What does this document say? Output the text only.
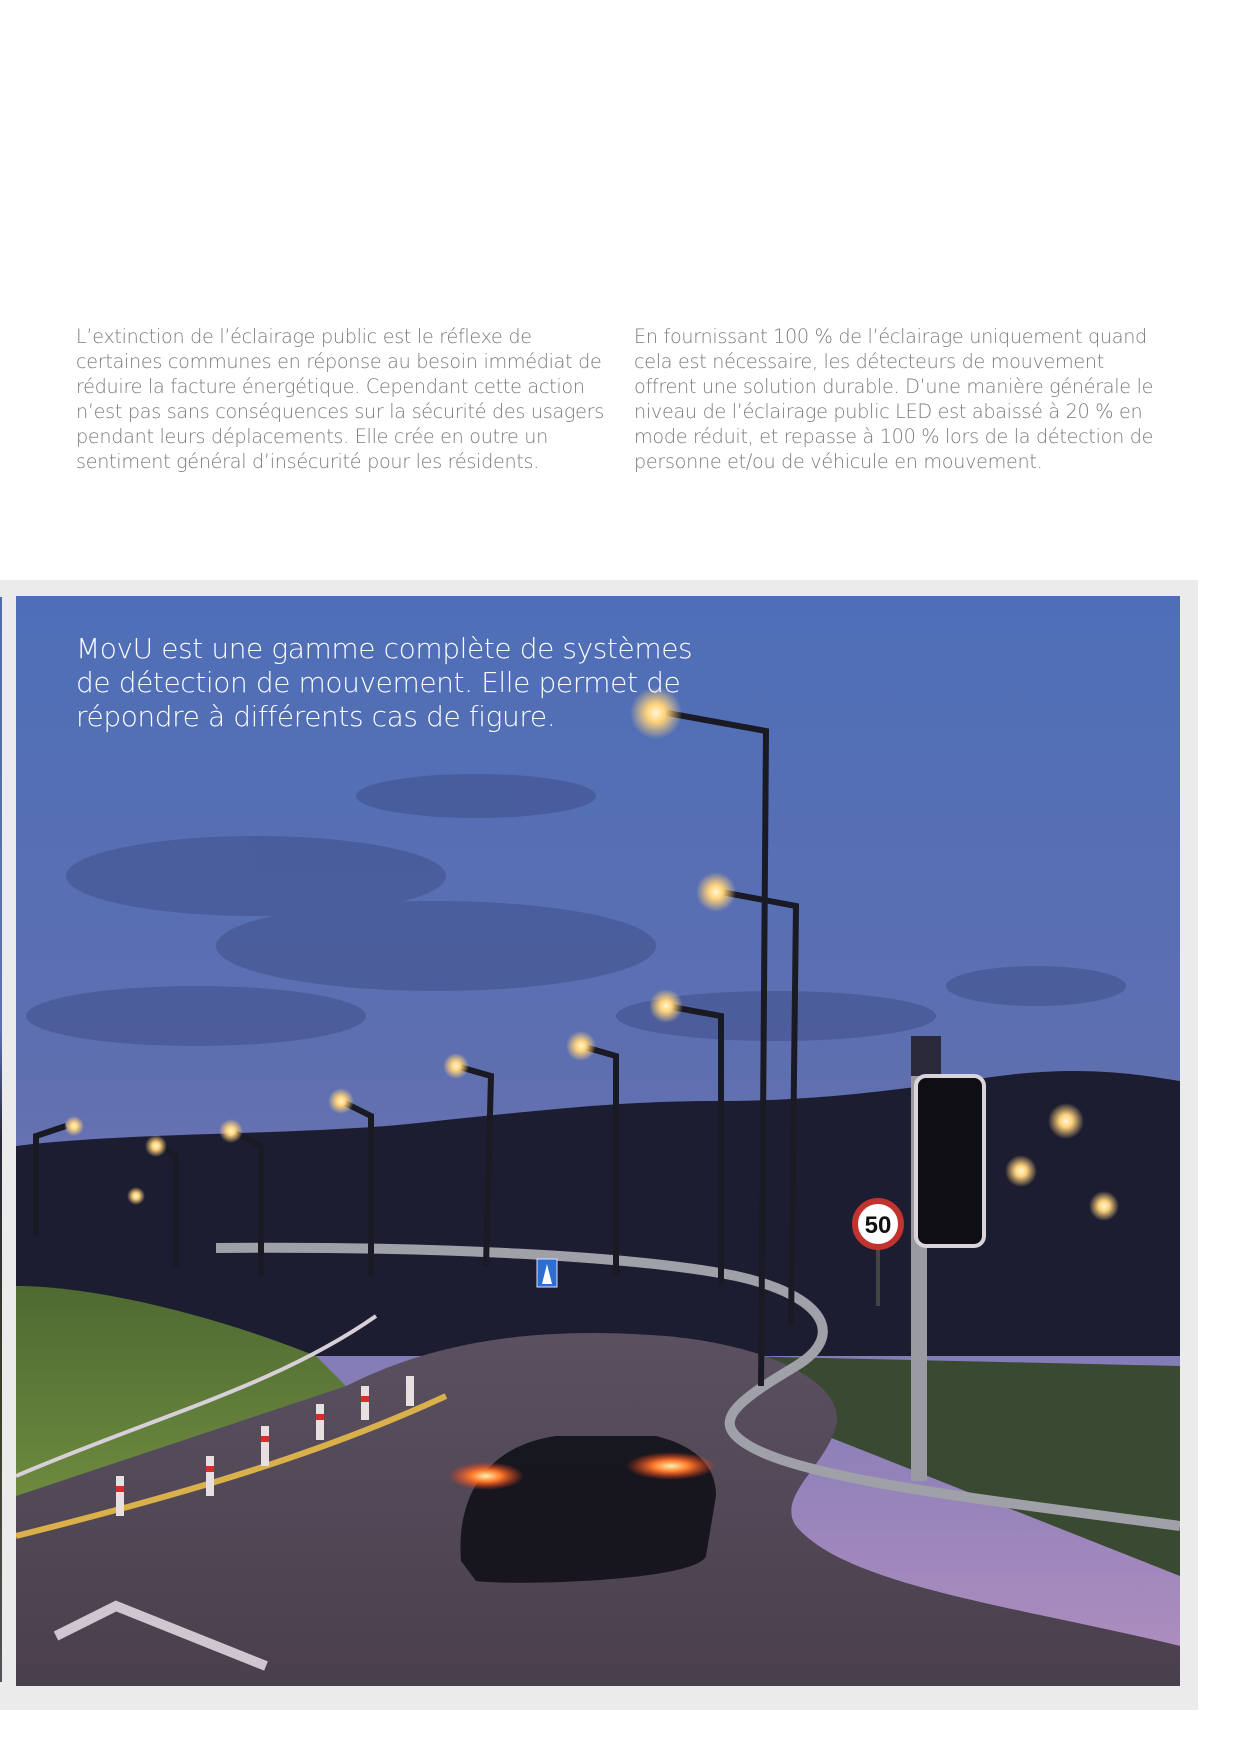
L’extinction de l’éclairage public est le réflexe de certaines communes en réponse au besoin immédiat de réduire la facture énergétique. Cependant cette action n’est pas sans conséquences sur la sécurité des usagers pendant leurs déplacements. Elle crée en outre un sentiment général d’insécurité pour les résidents.
En fournissant 100 % de l’éclairage uniquement quand cela est nécessaire, les détecteurs de mouvement offrent une solution durable. D’une manière générale le niveau de l’éclairage public LED est abaissé à 20 % en mode réduit, et repasse à 100 % lors de la détection de personne et/ou de véhicule en mouvement.
50
MovU est une gamme complète de systèmes de détection de mouvement. Elle permet de répondre à différents cas de figure.
